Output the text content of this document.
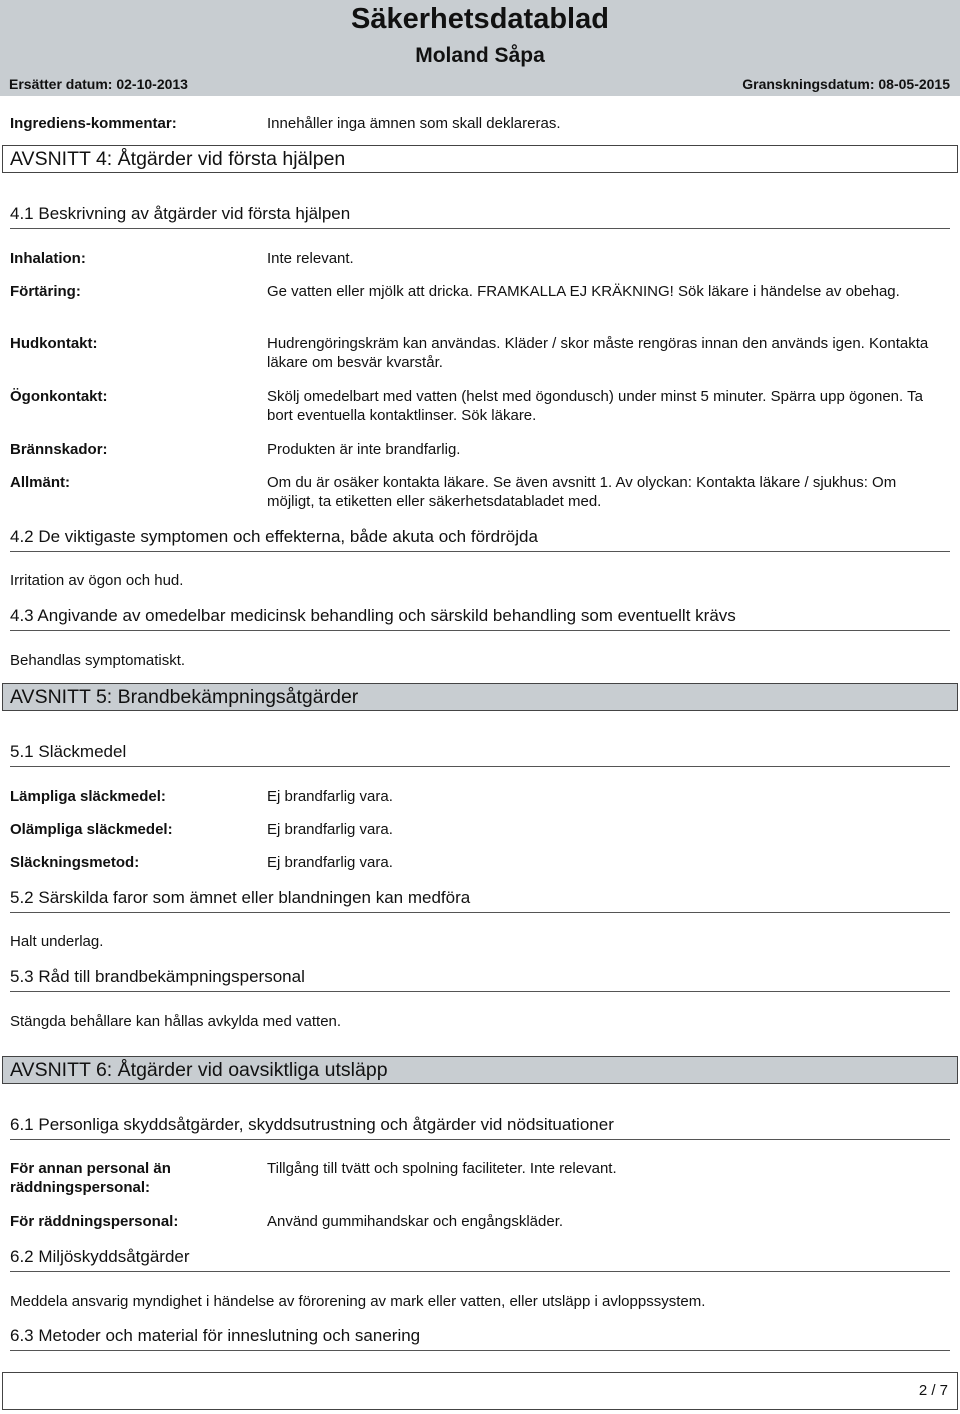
Säkerhetsdatablad
Moland Såpa
Ersätter datum: 02-10-2013	Granskningsdatum: 08-05-2015
Ingrediens-kommentar:	Innehåller inga ämnen som skall deklareras.
AVSNITT 4: Åtgärder vid första hjälpen
4.1 Beskrivning av åtgärder vid första hjälpen
Inhalation:	Inte relevant.
Förtäring:	Ge vatten eller mjölk att dricka. FRAMKALLA EJ KRÄKNING! Sök läkare i händelse av obehag.
Hudkontakt:	Hudrengöringskräm kan användas. Kläder / skor måste rengöras innan den används igen. Kontakta läkare om besvär kvarstår.
Ögonkontakt:	Skölj omedelbart med vatten (helst med ögondusch) under minst 5 minuter. Spärra upp ögonen. Ta bort eventuella kontaktlinser. Sök läkare.
Brännskador:	Produkten är inte brandfarlig.
Allmänt:	Om du är osäker kontakta läkare. Se även avsnitt 1. Av olyckan: Kontakta läkare / sjukhus: Om möjligt, ta etiketten eller säkerhetsdatabladet med.
4.2 De viktigaste symptomen och effekterna, både akuta och fördröjda
Irritation av ögon och hud.
4.3 Angivande av omedelbar medicinsk behandling och särskild behandling som eventuellt krävs
Behandlas symptomatiskt.
AVSNITT 5: Brandbekämpningsåtgärder
5.1 Släckmedel
Lämpliga släckmedel:	Ej brandfarlig vara.
Olämpliga släckmedel:	Ej brandfarlig vara.
Släckningsmetod:	Ej brandfarlig vara.
5.2 Särskilda faror som ämnet eller blandningen kan medföra
Halt underlag.
5.3 Råd till brandbekämpningspersonal
Stängda behållare kan hållas avkylda med vatten.
AVSNITT 6: Åtgärder vid oavsiktliga utsläpp
6.1 Personliga skyddsåtgärder, skyddsutrustning och åtgärder vid nödsituationer
För annan personal än räddningspersonal:
Tillgång till tvätt och spolning faciliteter. Inte relevant.
För räddningspersonal:	Använd gummihandskar och engångskläder.
6.2 Miljöskyddsåtgärder
Meddela ansvarig myndighet i händelse av förorening av mark eller vatten, eller utsläpp i avloppssystem.
6.3 Metoder och material för inneslutning och sanering
2 / 7
